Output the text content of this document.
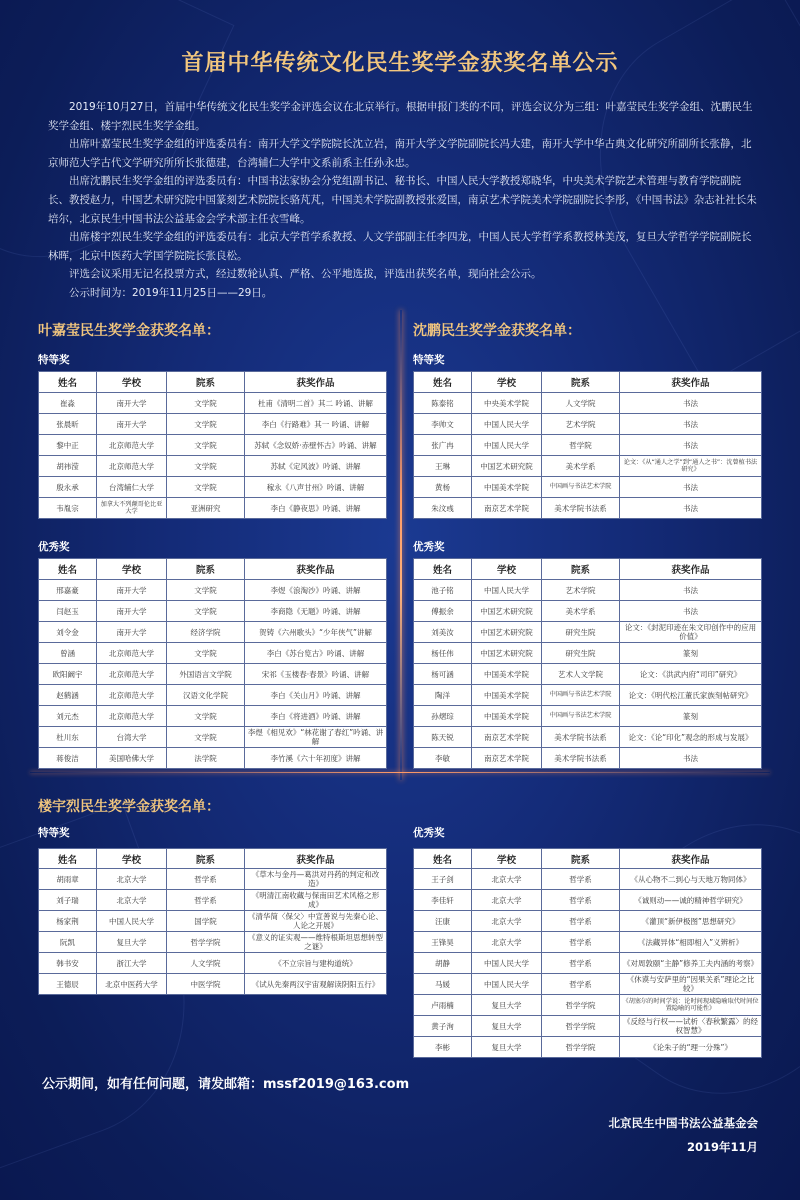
首届中华传统文化民生奖学金获奖名单公示

2019年10月27日，首届中华传统文化民生奖学金评选会议在北京举行。根据申报门类的不同，评选会议分为三组：叶嘉莹民生奖学金组、沈鹏民生奖学金组、楼宇烈民生奖学金组。

出席叶嘉莹民生奖学金组的评选委员有：南开大学文学院院长沈立岩，南开大学文学院副院长冯大建，南开大学中华古典文化研究所副所长张静，北京师范大学古代文学研究所所长张德建，台湾辅仁大学中文系前系主任孙永忠。

出席沈鹏民生奖学金组的评选委员有：中国书法家协会分党组副书记、秘书长、中国人民大学教授郑晓华，中央美术学院艺术管理与教育学院副院长、教授赵力，中国艺术研究院中国篆刻艺术院院长骆芃芃，中国美术学院副教授张爱国，南京艺术学院美术学院副院长李彤，《中国书法》杂志社社长朱培尔，北京民生中国书法公益基金会学术部主任衣雪峰。

出席楼宇烈民生奖学金组的评选委员有：北京大学哲学系教授、人文学部副主任李四龙，中国人民大学哲学系教授林美茂，复旦大学哲学学院副院长林晖，北京中医药大学国学院院长张良松。

评选会议采用无记名投票方式，经过数轮认真、严格、公平地选拔，评选出获奖名单，现向社会公示。

公示时间为：2019年11月25日——29日。

叶嘉莹民生奖学金获奖名单：
特等奖
姓名	学校	院系	获奖作品
崔淼	南开大学	文学院	杜甫《清明二首》其二 吟诵、讲解
张晨昕	南开大学	文学院	李白《行路难》其一 吟诵、讲解
黎中正	北京师范大学	文学院	苏轼《念奴娇·赤壁怀古》吟诵、讲解
胡祎滢	北京师范大学	文学院	苏轼《定风波》吟诵、讲解
殷永承	台湾辅仁大学	文学院	稼永《八声甘州》吟诵、讲解
韦胤宗	加拿大不列颠哥伦比亚大学	亚洲研究	李白《静夜思》吟诵、讲解
优秀奖
姓名	学校	院系	获奖作品
邢嘉豪	南开大学	文学院	李煜《浪淘沙》吟诵、讲解
闫赵玉	南开大学	文学院	李商隐《无题》吟诵、讲解
刘令金	南开大学	经济学院	贺铸《六州歌头》“少年侠气”讲解
曾涵	北京师范大学	文学院	李白《苏台览古》吟诵、讲解
欧阳阚宇	北京师范大学	外国语言文学院	宋祁《玉楼春·春景》吟诵、讲解
赵鹤涵	北京师范大学	汉语文化学院	李白《关山月》吟诵、讲解
刘元杰	北京师范大学	文学院	李白《将进酒》吟诵、讲解
杜川东	台湾大学	文学院	李煜《相见欢》“林花谢了春红”吟诵、讲解
蒋俊洁	美国哈佛大学	法学院	李竹溪《六十年初度》讲解
沈鹏民生奖学金获奖名单：
特等奖
姓名	学校	院系	获奖作品
陈泰铭	中央美术学院	人文学院	书法
李帅文	中国人民大学	艺术学院	书法
张广冉	中国人民大学	哲学院	书法
王琳	中国艺术研究院	美术学系	论文：《从“通人之学”到“通人之书”：沈曾植书法研究》
黄杨	中国美术学院	中国画与书法艺术学院	书法
朱汶彧	南京艺术学院	美术学院书法系	书法
优秀奖
姓名	学校	院系	获奖作品
池子铭	中国人民大学	艺术学院	书法
傅振余	中国艺术研究院	美术学系	书法
刘美汝	中国艺术研究院	研究生院	论文：《封泥印迹在朱文印创作中的应用价值》
杨任伟	中国艺术研究院	研究生院	篆刻
杨可涵	中国美术学院	艺术人文学院	论文：《洪武内府“司印”研究》
陶洋	中国美术学院	中国画与书法艺术学院	论文：《明代松江董氏家族刻帖研究》
孙熠琮	中国美术学院	中国画与书法艺术学院	篆刻
陈天锐	南京艺术学院	美术学院书法系	论文：《论“印化”观念的形成与发展》
李敏	南京艺术学院	美术学院书法系	书法
楼宇烈民生奖学金获奖名单：
特等奖
姓名	学校	院系	获奖作品
胡雨章	北京大学	哲学系	《草木与金丹—葛洪对丹药的判定和改造》
刘子瑞	北京大学	哲学系	《明清江南收藏与保南田艺术风格之形成》
杨家荆	中国人民大学	国学院	《清华简〈保父〉中宣善说与先秦心论、人论之开展》
阮凯	复旦大学	哲学学院	《意义的证实观——维特根斯坦思想转型之谜》
韩书安	浙江大学	人文学院	《不立宗旨与建构道统》
王德辰	北京中医药大学	中医学院	《试从先秦两汉宇宙观解读阴阳五行》
优秀奖
姓名	学校	院系	获奖作品
王子剑	北京大学	哲学系	《从心物不二到心与天地万物同体》
李佳轩	北京大学	哲学系	《诚则动——诚的精神哲学研究》
汪康	北京大学	哲学系	《灌顶“新伊极图”思想研究》
王锋昊	北京大学	哲学系	《法藏异体“相即相入”义辨析》
胡静	中国人民大学	哲学系	《对周敦颐“主静”修养工夫内涵的考察》
马媛	中国人民大学	哲学系	《休谟与安萨里的“因果关系”理论之比较》
卢雨楠	复旦大学	哲学学院	《胡塞尔的时间学说：论时间现域隐喻取代时间位置隐喻的可能性》
黄子洵	复旦大学	哲学学院	《反经与行权——试析〈春秋繁露〉的经权智慧》
李彬	复旦大学	哲学学院	《论朱子的“理一分殊”》
公示期间，如有任何问题，请发邮箱：mssf2019@163.com
北京民生中国书法公益基金会
2019年11月
